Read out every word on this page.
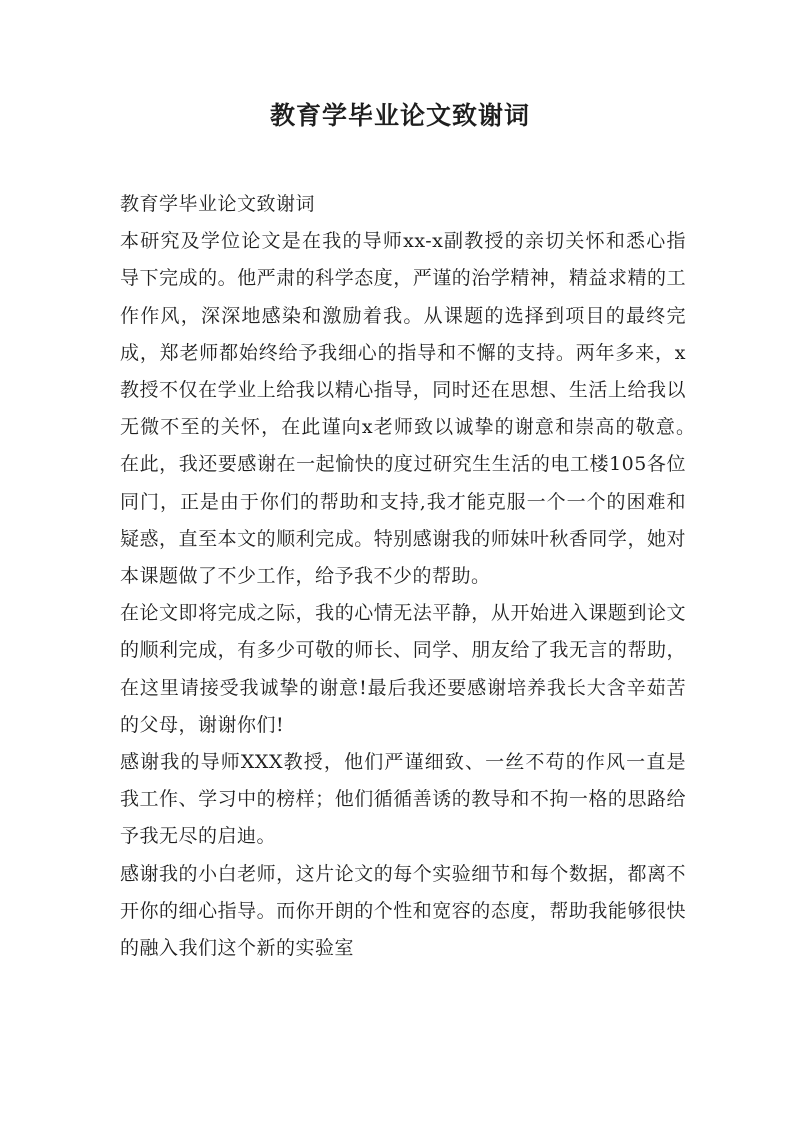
教育学毕业论文致谢词

教育学毕业论文致谢词

本研究及学位论文是在我的导师xx-x副教授的亲切关怀和悉心指导下完成的。他严肃的科学态度，严谨的治学精神，精益求精的工作作风，深深地感染和激励着我。从课题的选择到项目的最终完成，郑老师都始终给予我细心的指导和不懈的支持。两年多来，x教授不仅在学业上给我以精心指导，同时还在思想、生活上给我以无微不至的关怀，在此谨向x老师致以诚挚的谢意和崇高的敬意。　　在此，我还要感谢在一起愉快的度过研究生生活的电工楼105各位同门，正是由于你们的帮助和支持,我才能克服一个一个的困难和疑惑，直至本文的顺利完成。特别感谢我的师妹叶秋香同学，她对本课题做了不少工作，给予我不少的帮助。

在论文即将完成之际，我的心情无法平静，从开始进入课题到论文的顺利完成，有多少可敬的师长、同学、朋友给了我无言的帮助，在这里请接受我诚挚的谢意!最后我还要感谢培养我长大含辛茹苦的父母，谢谢你们!

感谢我的导师XXX教授，他们严谨细致、一丝不苟的作风一直是我工作、学习中的榜样；他们循循善诱的教导和不拘一格的思路给予我无尽的启迪。

感谢我的小白老师，这片论文的每个实验细节和每个数据，都离不开你的细心指导。而你开朗的个性和宽容的态度，帮助我能够很快的融入我们这个新的实验室
